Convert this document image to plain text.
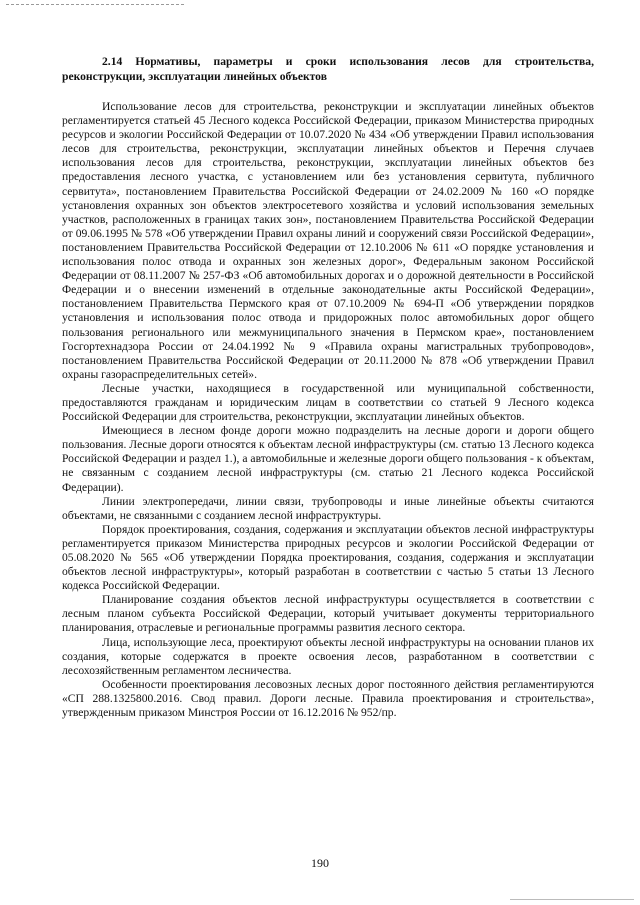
2.14 Нормативы, параметры и сроки использования лесов для строительства, реконструкции, эксплуатации линейных объектов

Использование лесов для строительства, реконструкции и эксплуатации линейных объектов регламентируется статьей 45 Лесного кодекса Российской Федерации, приказом Министерства природных ресурсов и экологии Российской Федерации от 10.07.2020 № 434 «Об утверждении Правил использования лесов для строительства, реконструкции, эксплуатации линейных объектов и Перечня случаев использования лесов для строительства, реконструкции, эксплуатации линейных объектов без предоставления лесного участка, с установлением или без установления сервитута, публичного сервитута», постановлением Правительства Российской Федерации от 24.02.2009 № 160 «О порядке установления охранных зон объектов электросетевого хозяйства и условий использования земельных участков, расположенных в границах таких зон», постановлением Правительства Российской Федерации от 09.06.1995 № 578 «Об утверждении Правил охраны линий и сооружений связи Российской Федерации», постановлением Правительства Российской Федерации от 12.10.2006 № 611 «О порядке установления и использования полос отвода и охранных зон железных дорог», Федеральным законом Российской Федерации от 08.11.2007 № 257-ФЗ «Об автомобильных дорогах и о дорожной деятельности в Российской Федерации и о внесении изменений в отдельные законодательные акты Российской Федерации», постановлением Правительства Пермского края от 07.10.2009 № 694-П «Об утверждении порядков установления и использования полос отвода и придорожных полос автомобильных дорог общего пользования регионального или межмуниципального значения в Пермском крае», постановлением Госгортехнадзора России от 24.04.1992 № 9 «Правила охраны магистральных трубопроводов», постановлением Правительства Российской Федерации от 20.11.2000 № 878 «Об утверждении Правил охраны газораспределительных сетей».

Лесные участки, находящиеся в государственной или муниципальной собственности, предоставляются гражданам и юридическим лицам в соответствии со статьей 9 Лесного кодекса Российской Федерации для строительства, реконструкции, эксплуатации линейных объектов.

Имеющиеся в лесном фонде дороги можно подразделить на лесные дороги и дороги общего пользования. Лесные дороги относятся к объектам лесной инфраструктуры (см. статью 13 Лесного кодекса Российской Федерации и раздел 1.), а автомобильные и железные дороги общего пользования - к объектам, не связанным с созданием лесной инфраструктуры (см. статью 21 Лесного кодекса Российской Федерации).

Линии электропередачи, линии связи, трубопроводы и иные линейные объекты считаются объектами, не связанными с созданием лесной инфраструктуры.

Порядок проектирования, создания, содержания и эксплуатации объектов лесной инфраструктуры регламентируется приказом Министерства природных ресурсов и экологии Российской Федерации от 05.08.2020 № 565 «Об утверждении Порядка проектирования, создания, содержания и эксплуатации объектов лесной инфраструктуры», который разработан в соответствии с частью 5 статьи 13 Лесного кодекса Российской Федерации.

Планирование создания объектов лесной инфраструктуры осуществляется в соответствии с лесным планом субъекта Российской Федерации, который учитывает документы территориального планирования, отраслевые и региональные программы развития лесного сектора.

Лица, использующие леса, проектируют объекты лесной инфраструктуры на основании планов их создания, которые содержатся в проекте освоения лесов, разработанном в соответствии с лесохозяйственным регламентом лесничества.

Особенности проектирования лесовозных лесных дорог постоянного действия регламентируются «СП 288.1325800.2016. Свод правил. Дороги лесные. Правила проектирования и строительства», утвержденным приказом Минстроя России от 16.12.2016 № 952/пр.

190
